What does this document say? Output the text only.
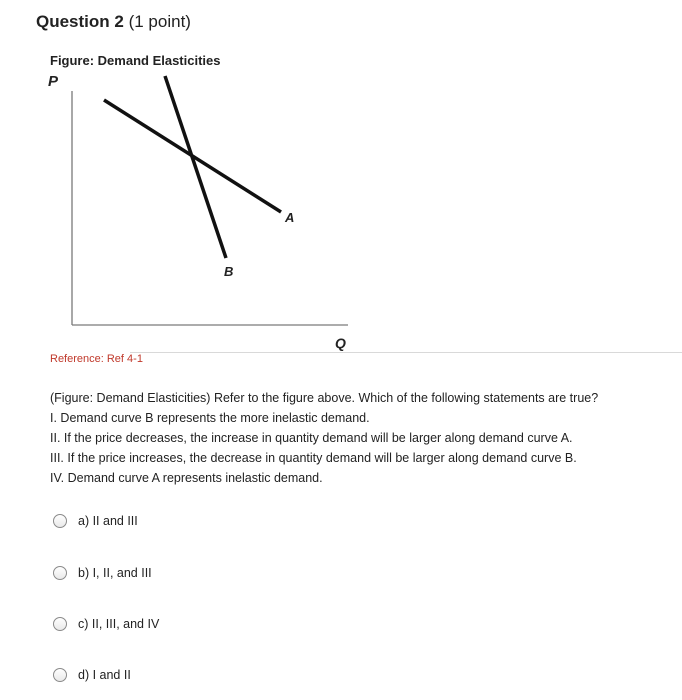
Question 2 (1 point)
Figure: Demand Elasticities
P
Q
A
B
Reference: Ref 4-1
(Figure: Demand Elasticities) Refer to the figure above. Which of the following statements are true?
I. Demand curve B represents the more inelastic demand.
II. If the price decreases, the increase in quantity demand will be larger along demand curve A.
III. If the price increases, the decrease in quantity demand will be larger along demand curve B.
IV. Demand curve A represents inelastic demand.
a) II and III
b) I, II, and III
c) II, III, and IV
d) I and II
